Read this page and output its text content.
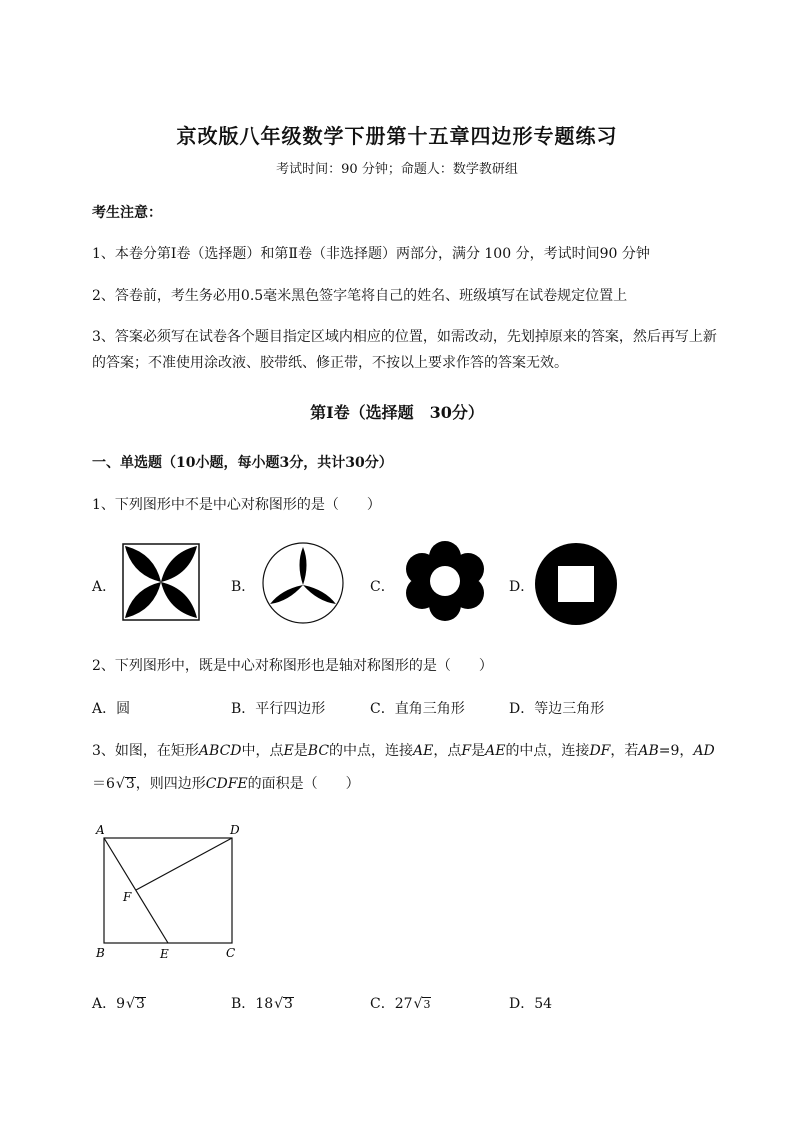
京改版八年级数学下册第十五章四边形专题练习
考试时间：90 分钟；命题人：数学教研组
考生注意：
1、本卷分第Ⅰ卷（选择题）和第Ⅱ卷（非选择题）两部分，满分 100 分，考试时间90 分钟
2、答卷前，考生务必用0.5毫米黑色签字笔将自己的姓名、班级填写在试卷规定位置上
3、答案必须写在试卷各个题目指定区域内相应的位置，如需改动，先划掉原来的答案，然后再写上新
的答案；不准使用涂改液、胶带纸、修正带，不按以上要求作答的答案无效。
第Ⅰ卷（选择题　30分）
一、单选题（10小题，每小题3分，共计30分）
1、下列图形中不是中心对称图形的是（　　）
A．	B．	C．	D．
2、下列图形中，既是中心对称图形也是轴对称图形的是（　　）
A．圆	B．平行四边形	C．直角三角形	D．等边三角形
3、如图，在矩形ABCD中，点E是BC的中点，连接AE，点F是AE的中点，连接DF，若AB=9，AD
＝6√3，则四边形CDFE的面积是（　　）
A	D
F
B	E	C
A．9√3	B．18√3	C．27√3	D．54
